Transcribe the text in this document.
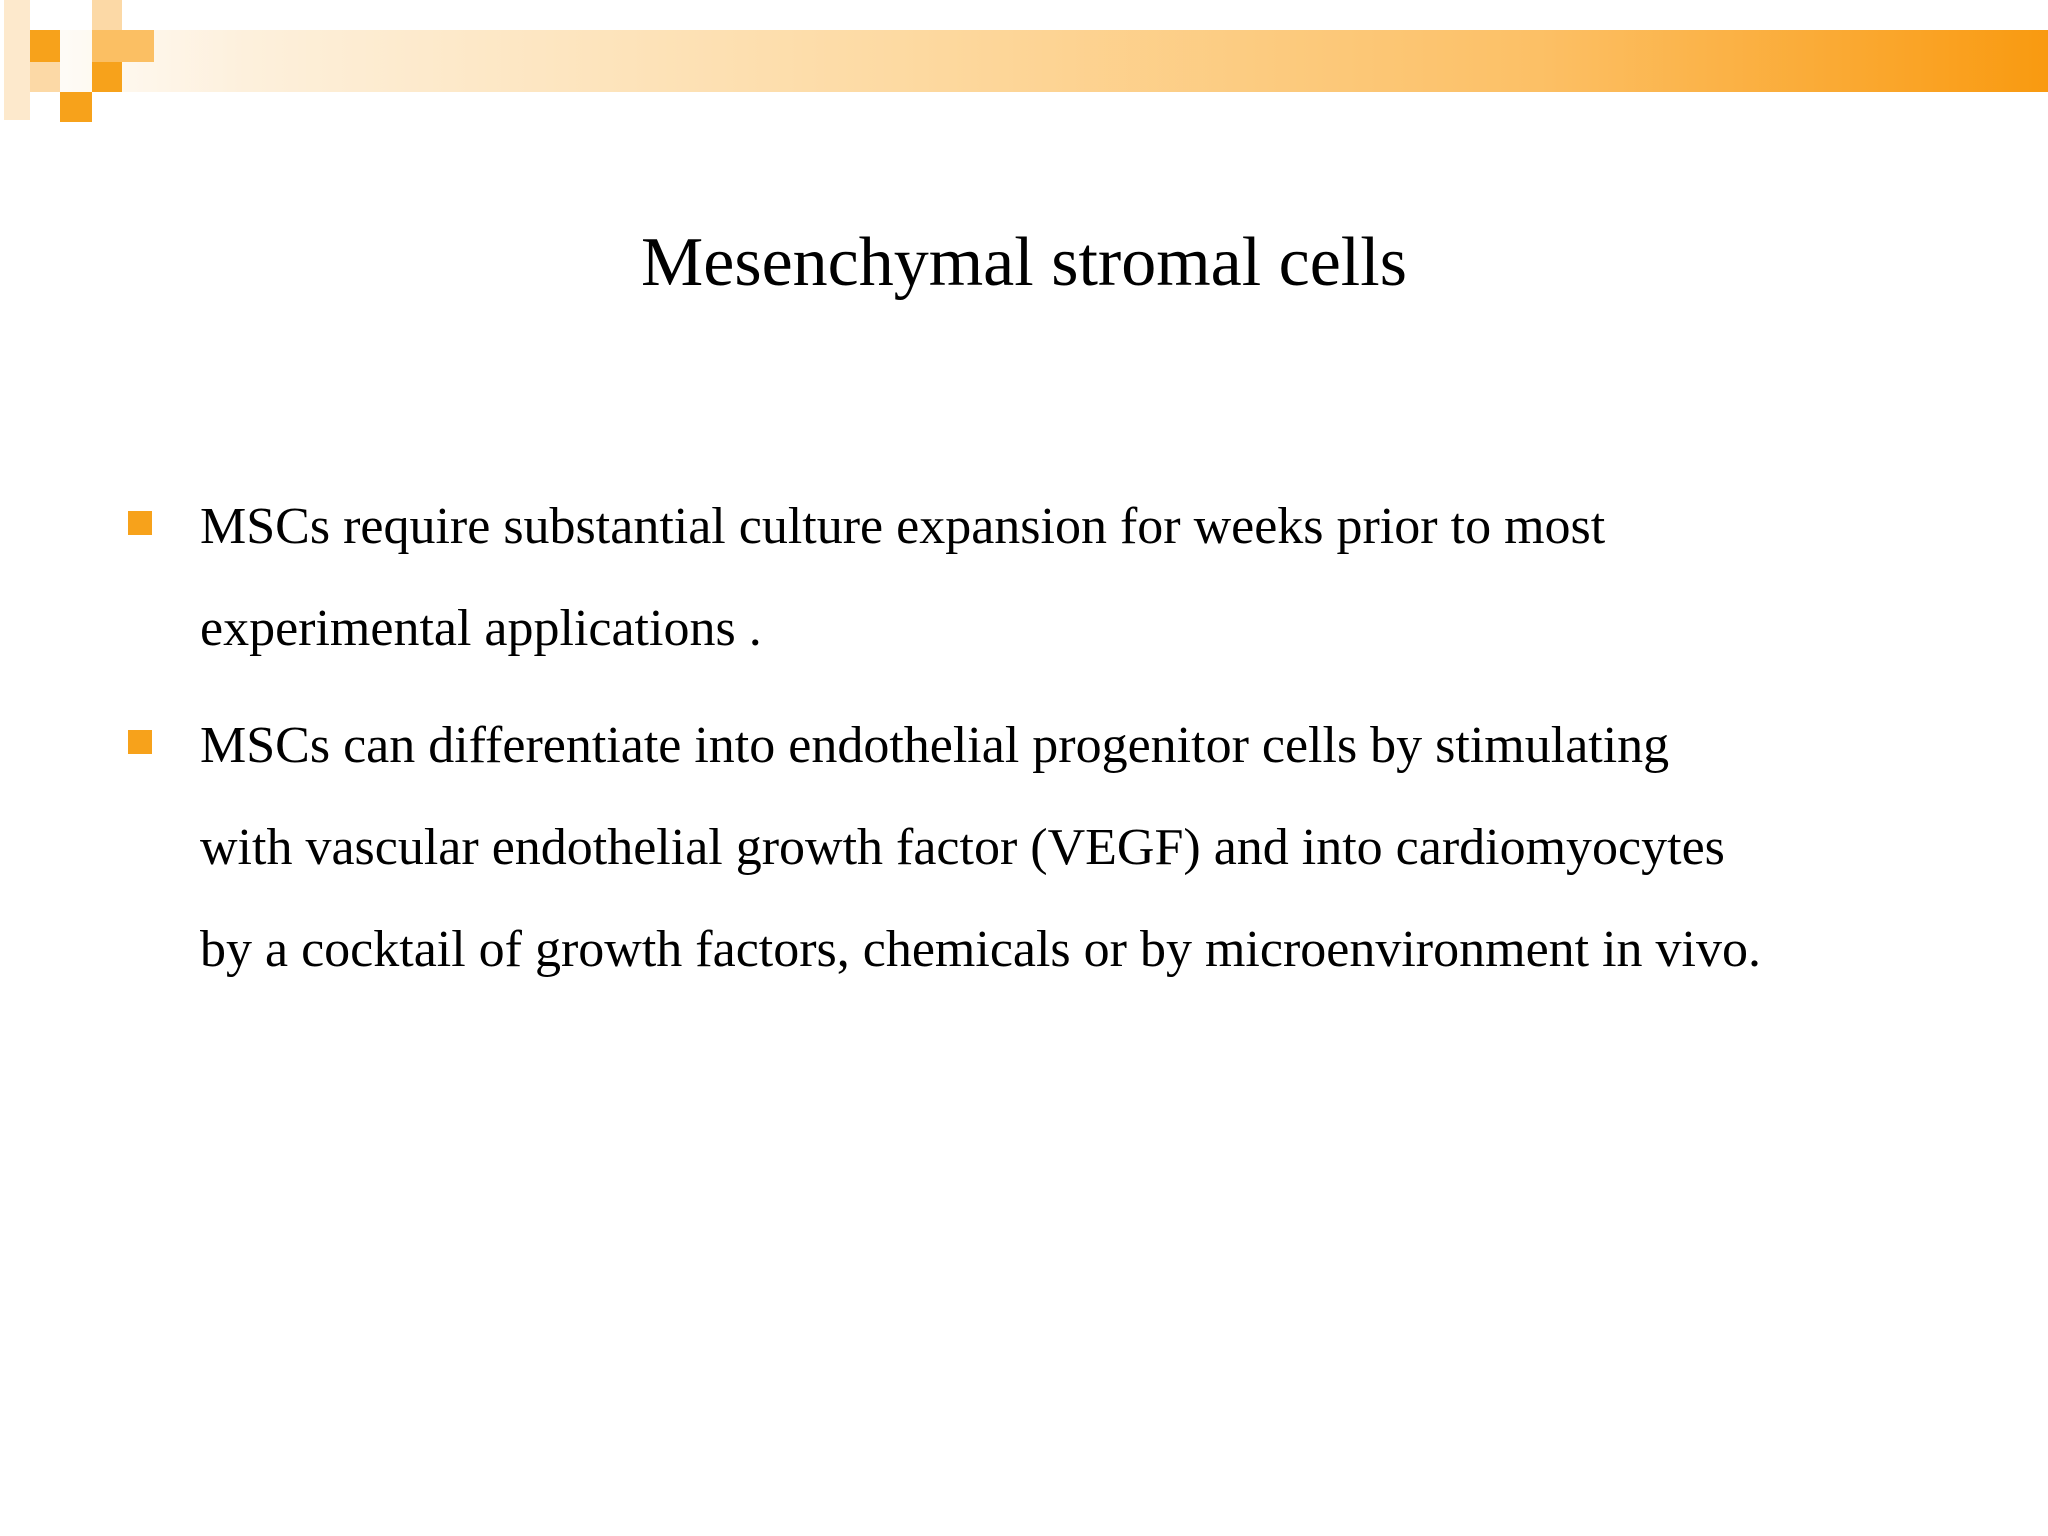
Mesenchymal stromal cells
MSCs require substantial culture expansion for weeks prior to most
experimental applications .
MSCs can differentiate into endothelial progenitor cells by stimulating
with vascular endothelial growth factor (VEGF) and into cardiomyocytes
by a cocktail of growth factors, chemicals or by microenvironment in vivo.
